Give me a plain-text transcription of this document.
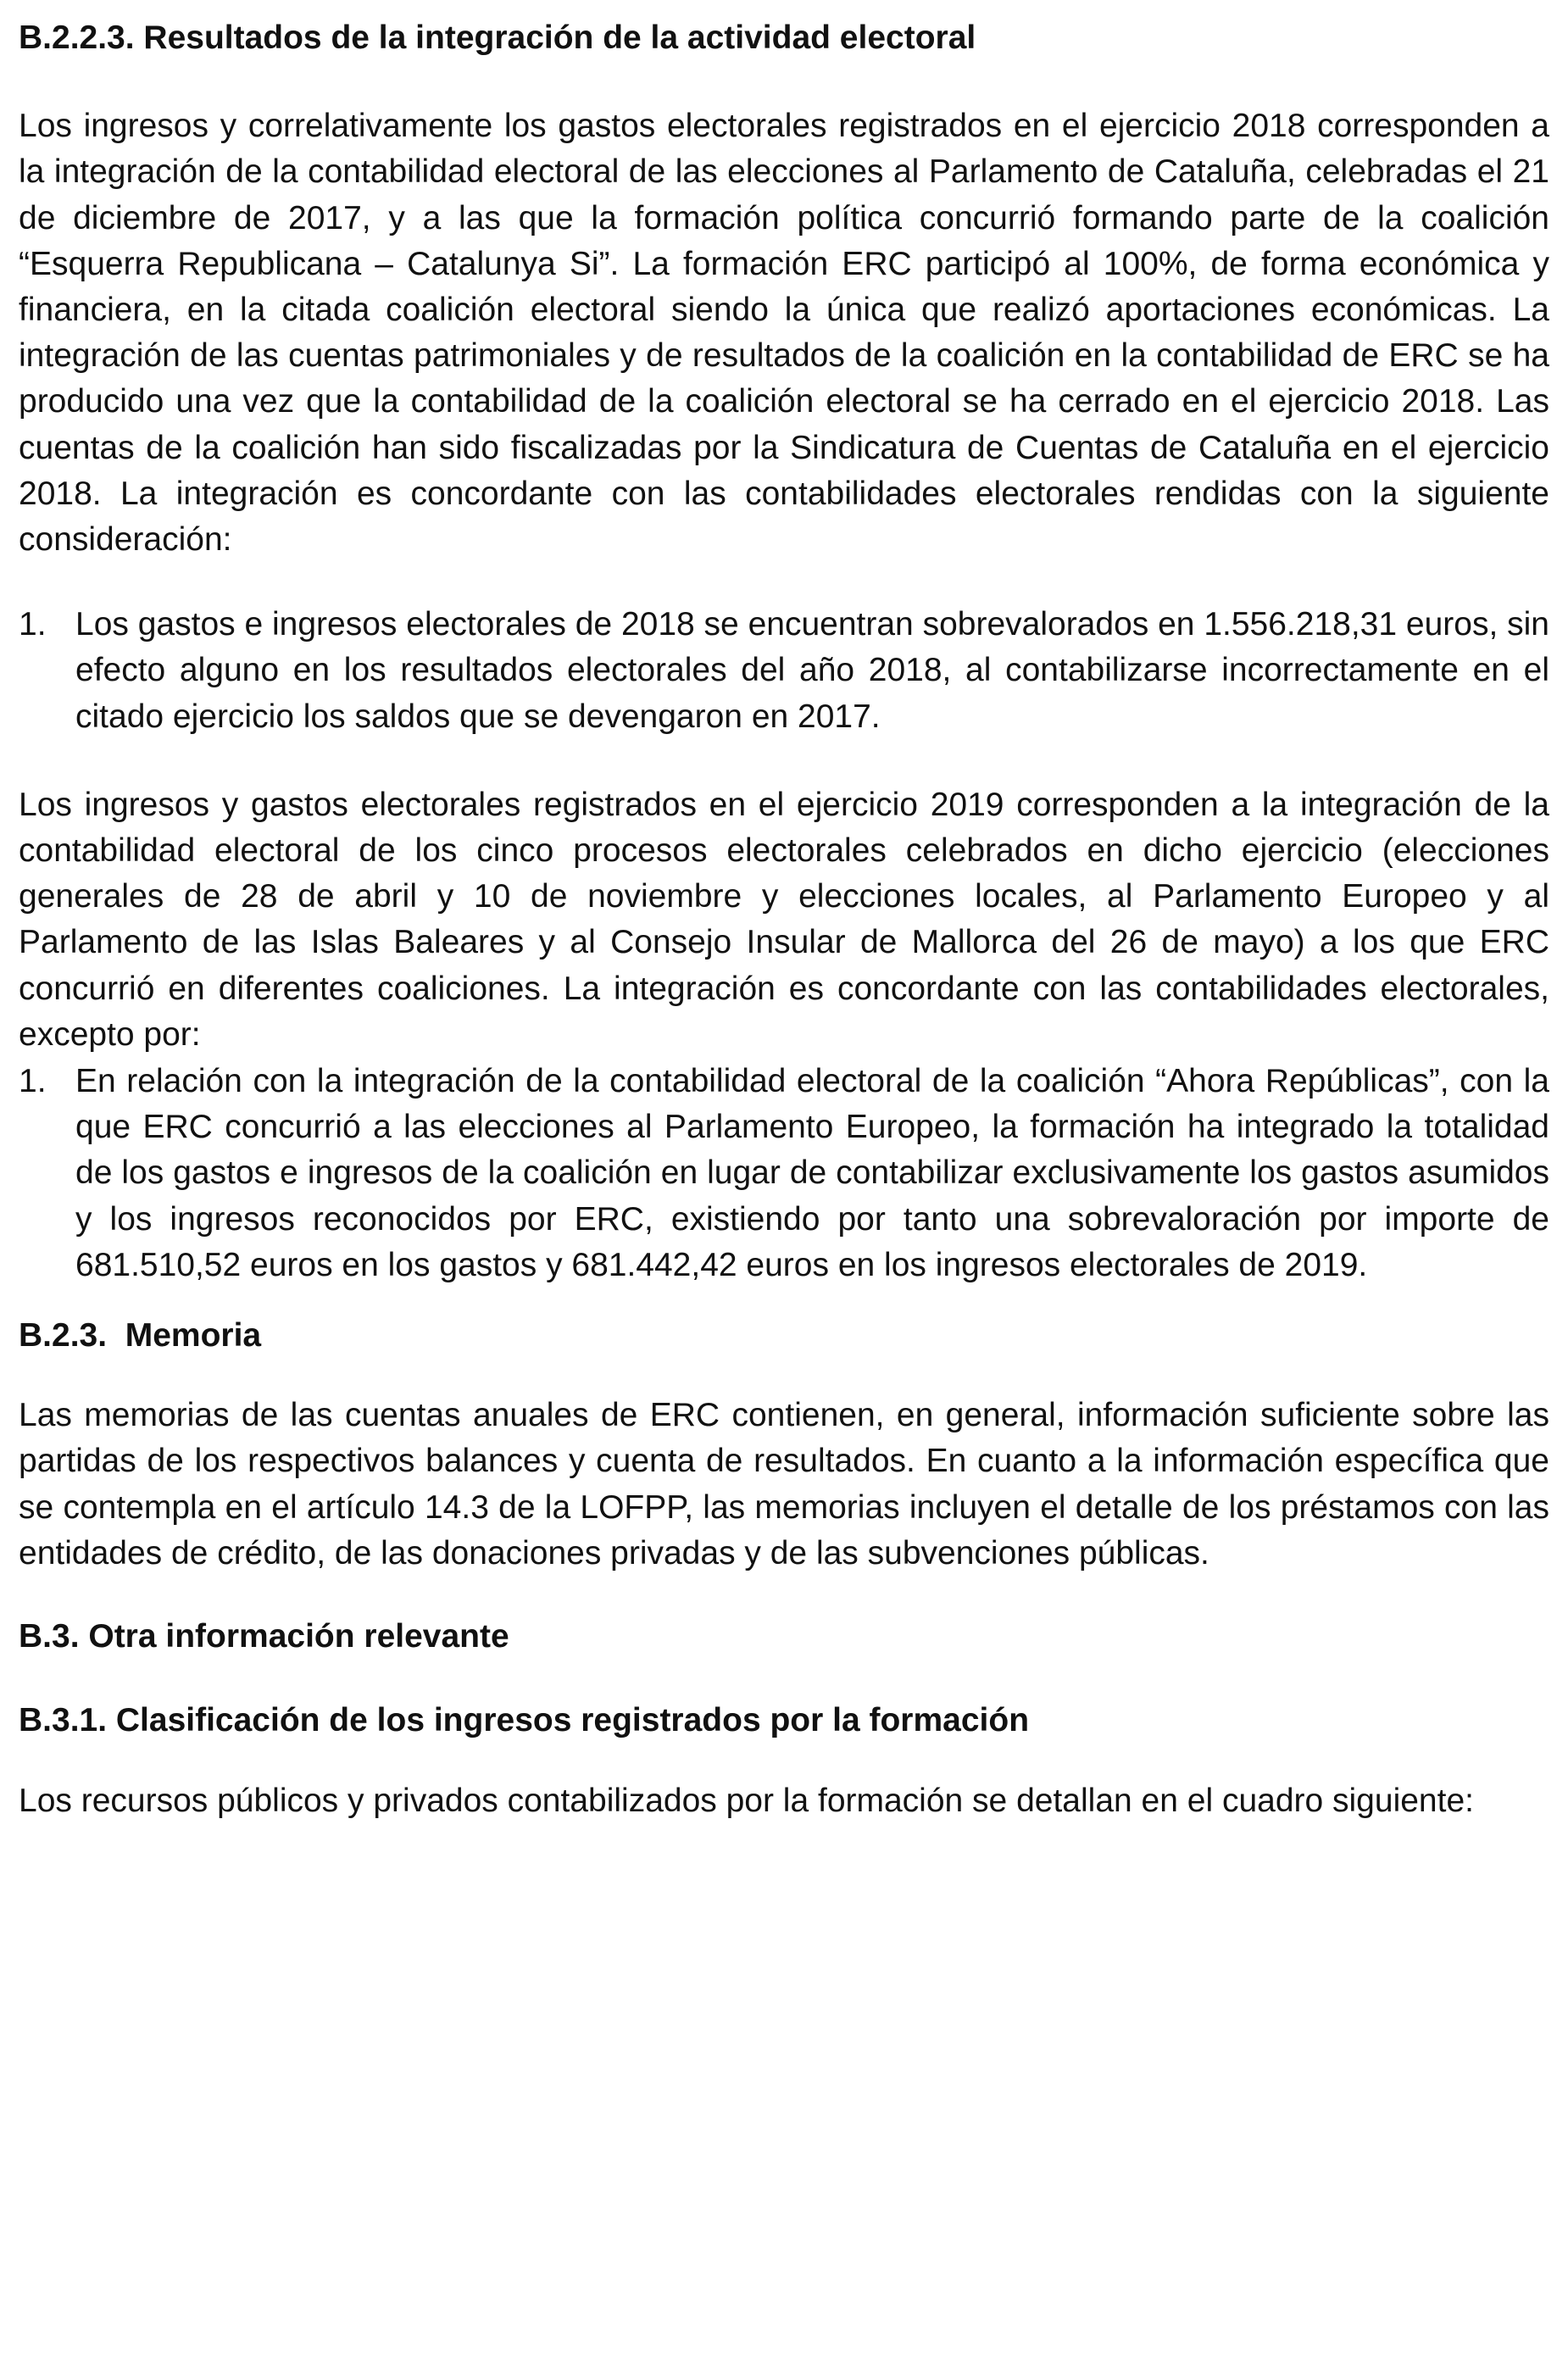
B.2.2.3. Resultados de la integración de la actividad electoral

Los ingresos y correlativamente los gastos electorales registrados en el ejercicio 2018 corresponden a la integración de la contabilidad electoral de las elecciones al Parlamento de Cataluña, celebradas el 21 de diciembre de 2017, y a las que la formación política concurrió formando parte de la coalición “Esquerra Republicana – Catalunya Si”. La formación ERC participó al 100%, de forma económica y financiera, en la citada coalición electoral siendo la única que realizó aportaciones económicas. La integración de las cuentas patrimoniales y de resultados de la coalición en la contabilidad de ERC se ha producido una vez que la contabilidad de la coalición electoral se ha cerrado en el ejercicio 2018. Las cuentas de la coalición han sido fiscalizadas por la Sindicatura de Cuentas de Cataluña en el ejercicio 2018. La integración es concordante con las contabilidades electorales rendidas con la siguiente consideración:

1. Los gastos e ingresos electorales de 2018 se encuentran sobrevalorados en 1.556.218,31 euros, sin efecto alguno en los resultados electorales del año 2018, al contabilizarse incorrectamente en el citado ejercicio los saldos que se devengaron en 2017.

Los ingresos y gastos electorales registrados en el ejercicio 2019 corresponden a la integración de la contabilidad electoral de los cinco procesos electorales celebrados en dicho ejercicio (elecciones generales de 28 de abril y 10 de noviembre y elecciones locales, al Parlamento Europeo y al Parlamento de las Islas Baleares y al Consejo Insular de Mallorca del 26 de mayo) a los que ERC concurrió en diferentes coaliciones. La integración es concordante con las contabilidades electorales, excepto por:

1. En relación con la integración de la contabilidad electoral de la coalición “Ahora Repúblicas”, con la que ERC concurrió a las elecciones al Parlamento Europeo, la formación ha integrado la totalidad de los gastos e ingresos de la coalición en lugar de contabilizar exclusivamente los gastos asumidos y los ingresos reconocidos por ERC, existiendo por tanto una sobrevaloración por importe de 681.510,52 euros en los gastos y 681.442,42 euros en los ingresos electorales de 2019.
B.2.3.  Memoria

Las memorias de las cuentas anuales de ERC contienen, en general, información suficiente sobre las partidas de los respectivos balances y cuenta de resultados. En cuanto a la información específica que se contempla en el artículo 14.3 de la LOFPP, las memorias incluyen el detalle de los préstamos con las entidades de crédito, de las donaciones privadas y de las subvenciones públicas.

B.3. Otra información relevante
B.3.1. Clasificación de los ingresos registrados por la formación

Los recursos públicos y privados contabilizados por la formación se detallan en el cuadro siguiente:
